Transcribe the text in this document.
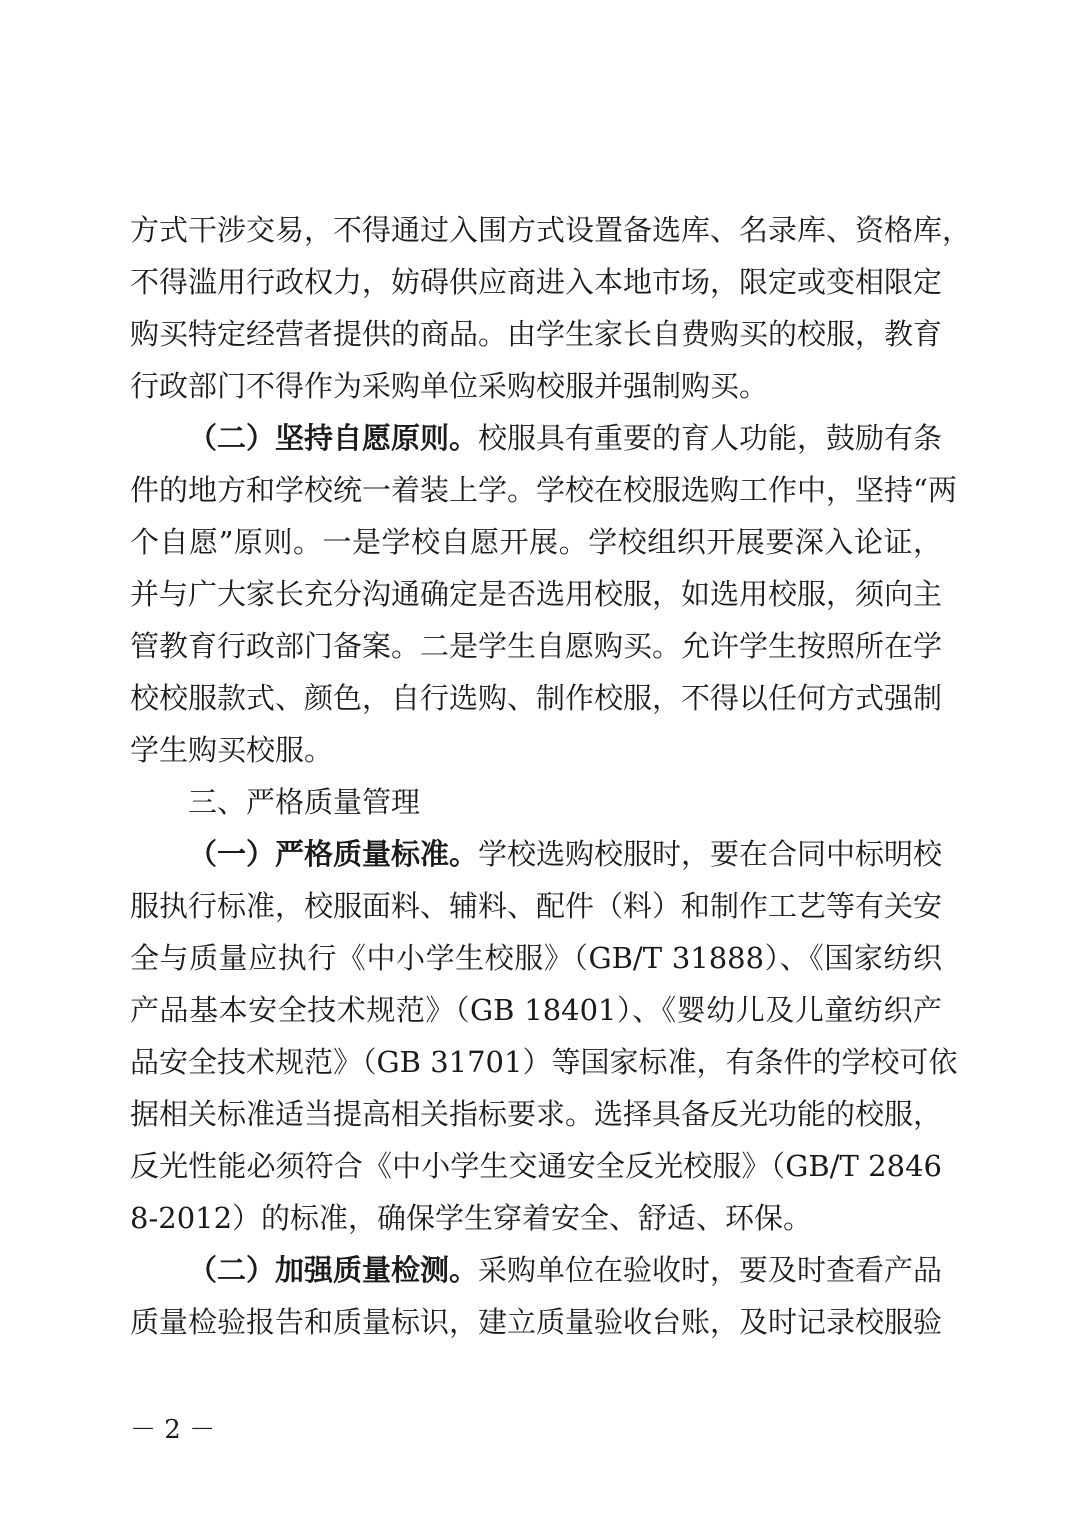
方式干涉交易，不得通过入围方式设置备选库、名录库、资格库，
不得滥用行政权力，妨碍供应商进入本地市场，限定或变相限定
购买特定经营者提供的商品。由学生家长自费购买的校服，教育
行政部门不得作为采购单位采购校服并强制购买。
（二）坚持自愿原则。校服具有重要的育人功能，鼓励有条
件的地方和学校统一着装上学。学校在校服选购工作中，坚持“两
个自愿”原则。一是学校自愿开展。学校组织开展要深入论证，
并与广大家长充分沟通确定是否选用校服，如选用校服，须向主
管教育行政部门备案。二是学生自愿购买。允许学生按照所在学
校校服款式、颜色，自行选购、制作校服，不得以任何方式强制
学生购买校服。
三、严格质量管理
（一）严格质量标准。学校选购校服时，要在合同中标明校
服执行标准，校服面料、辅料、配件（料）和制作工艺等有关安
全与质量应执行《中小学生校服》（GB/T 31888）、《国家纺织
产品基本安全技术规范》（GB 18401）、《婴幼儿及儿童纺织产
品安全技术规范》（GB 31701）等国家标准，有条件的学校可依
据相关标准适当提高相关指标要求。选择具备反光功能的校服，
反光性能必须符合《中小学生交通安全反光校服》（GB/T 2846
8-2012）的标准，确保学生穿着安全、舒适、环保。
（二）加强质量检测。采购单位在验收时，要及时查看产品
质量检验报告和质量标识，建立质量验收台账，及时记录校服验
－ 2 －
